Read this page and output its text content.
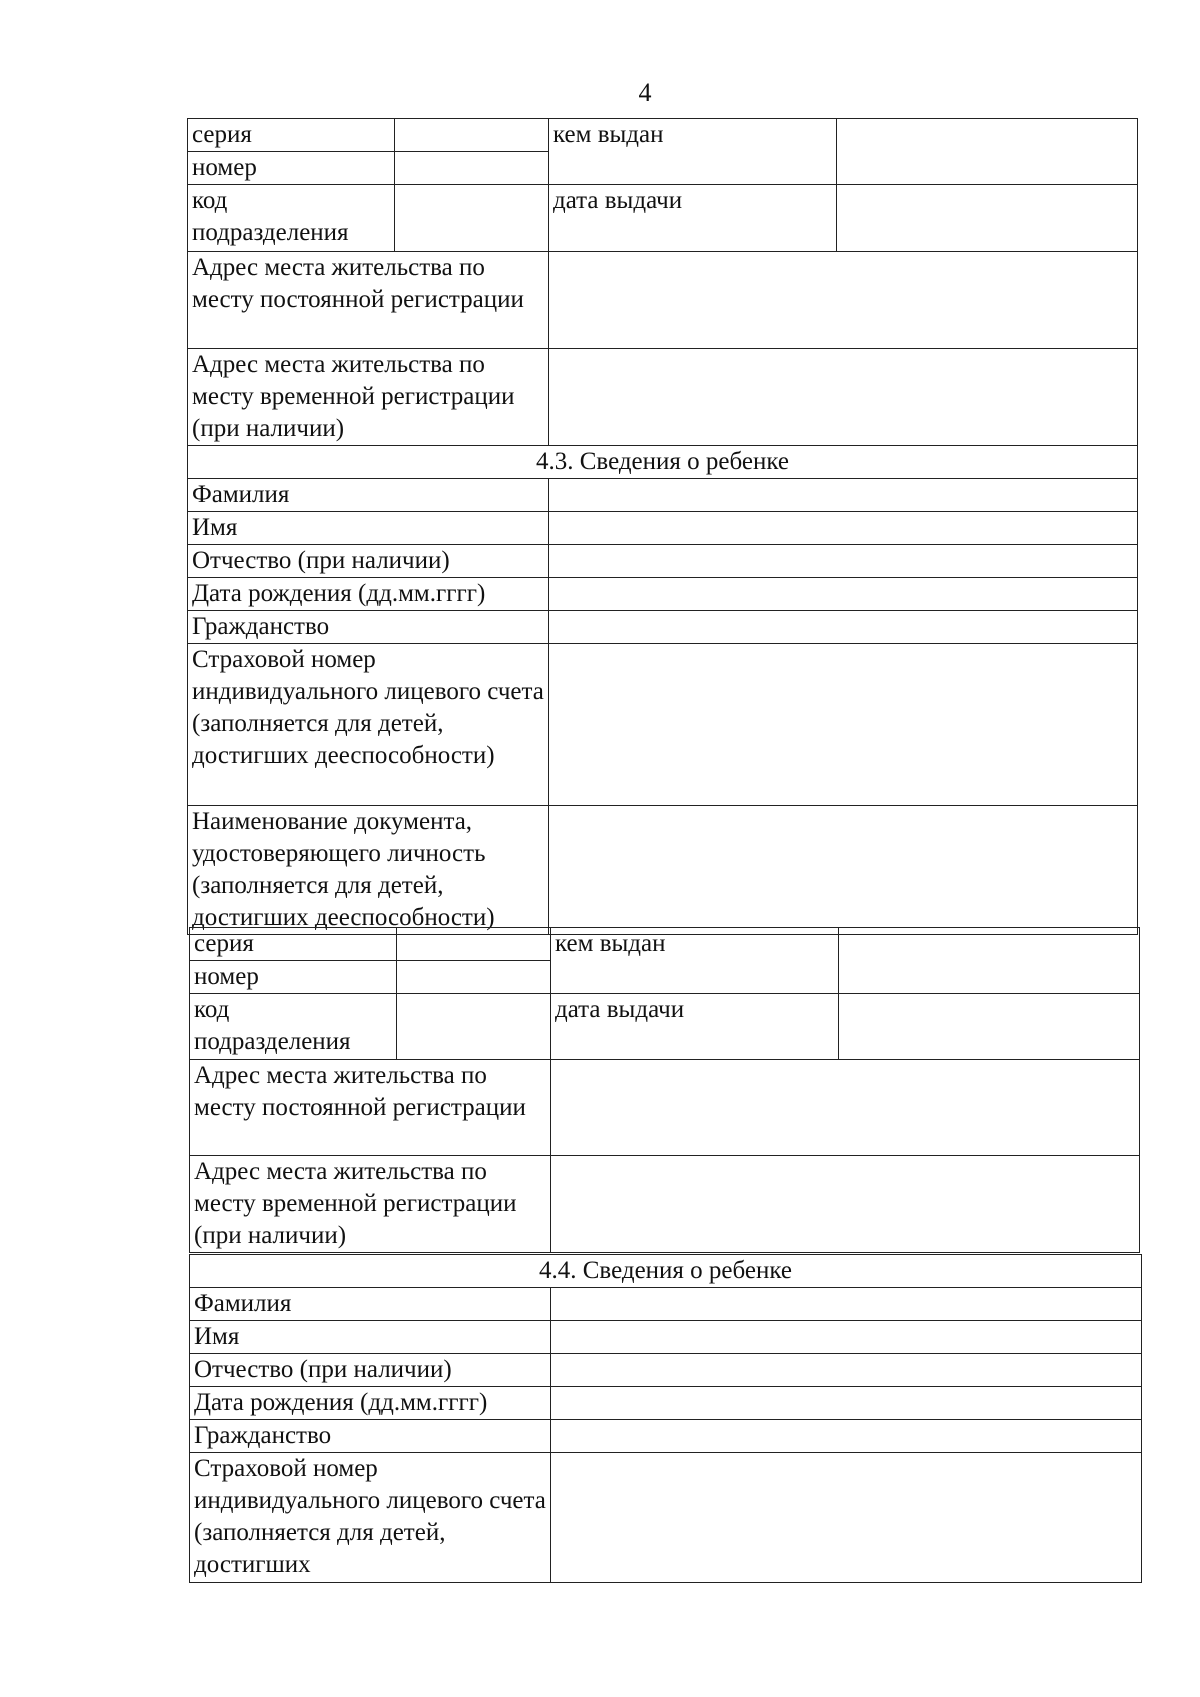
4
серия		кем выдан	
номер			
код подразделения		дата выдачи	
Адрес места жительства по месту постоянной регистрации			
Адрес места жительства по месту временной регистрации (при наличии)			
4.3. Сведения о ребенке			
Фамилия			
Имя			
Отчество (при наличии)			
Дата рождения (дд.мм.гггг)			
Гражданство			
Страховой номер индивидуального лицевого счета (заполняется для детей, достигших дееспособности)			
Наименование документа, удостоверяющего личность (заполняется для детей, достигших дееспособности)			
серия		кем выдан	
номер			
код подразделения		дата выдачи	
Адрес места жительства по месту постоянной регистрации			
Адрес места жительства по месту временной регистрации (при наличии)			
4.4. Сведения о ребенке	
Фамилия	
Имя	
Отчество (при наличии)	
Дата рождения (дд.мм.гггг)	
Гражданство	
Страховой номер индивидуального лицевого счета (заполняется для детей, достигших	
